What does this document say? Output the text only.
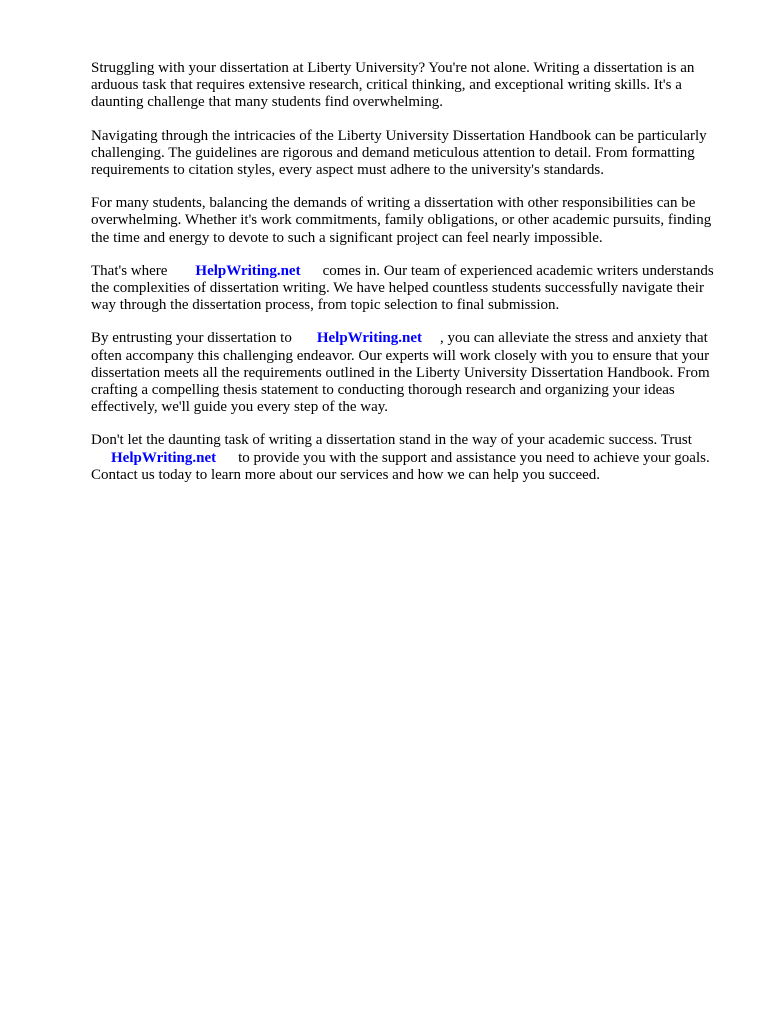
Struggling with your dissertation at Liberty University? You're not alone. Writing a dissertation is an arduous task that requires extensive research, critical thinking, and exceptional writing skills. It's a daunting challenge that many students find overwhelming.

Navigating through the intricacies of the Liberty University Dissertation Handbook can be particularly challenging. The guidelines are rigorous and demand meticulous attention to detail. From formatting requirements to citation styles, every aspect must adhere to the university's standards.

For many students, balancing the demands of writing a dissertation with other responsibilities can be overwhelming. Whether it's work commitments, family obligations, or other academic pursuits, finding the time and energy to devote to such a significant project can feel nearly impossible.

That's where HelpWriting.net comes in. Our team of experienced academic writers understands the complexities of dissertation writing. We have helped countless students successfully navigate their way through the dissertation process, from topic selection to final submission.

By entrusting your dissertation to HelpWriting.net , you can alleviate the stress and anxiety that often accompany this challenging endeavor. Our experts will work closely with you to ensure that your dissertation meets all the requirements outlined in the Liberty University Dissertation Handbook. From crafting a compelling thesis statement to conducting thorough research and organizing your ideas effectively, we'll guide you every step of the way.

Don't let the daunting task of writing a dissertation stand in the way of your academic success. Trust HelpWriting.net to provide you with the support and assistance you need to achieve your goals. Contact us today to learn more about our services and how we can help you succeed.
